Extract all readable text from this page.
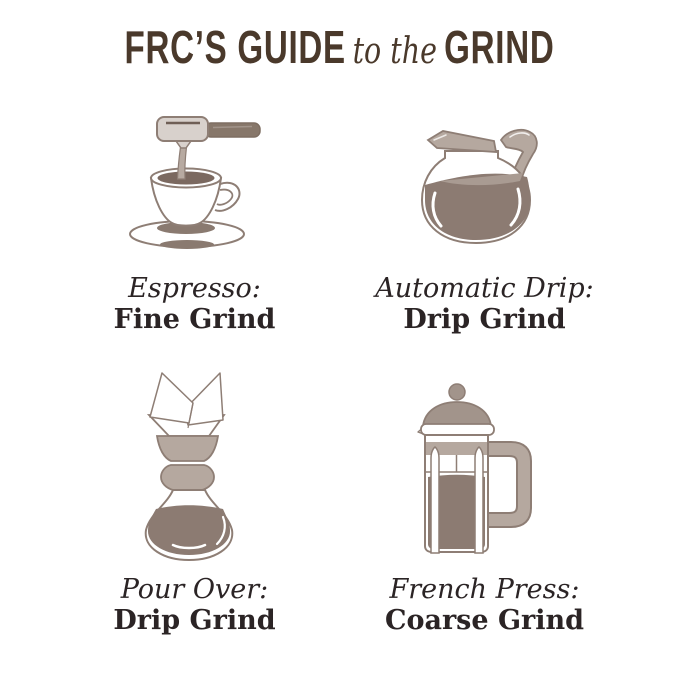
FRC’S GUIDE to the GRIND
Espresso:
Fine Grind
Automatic Drip:
Drip Grind
Pour Over:
Drip Grind
French Press:
Coarse Grind
